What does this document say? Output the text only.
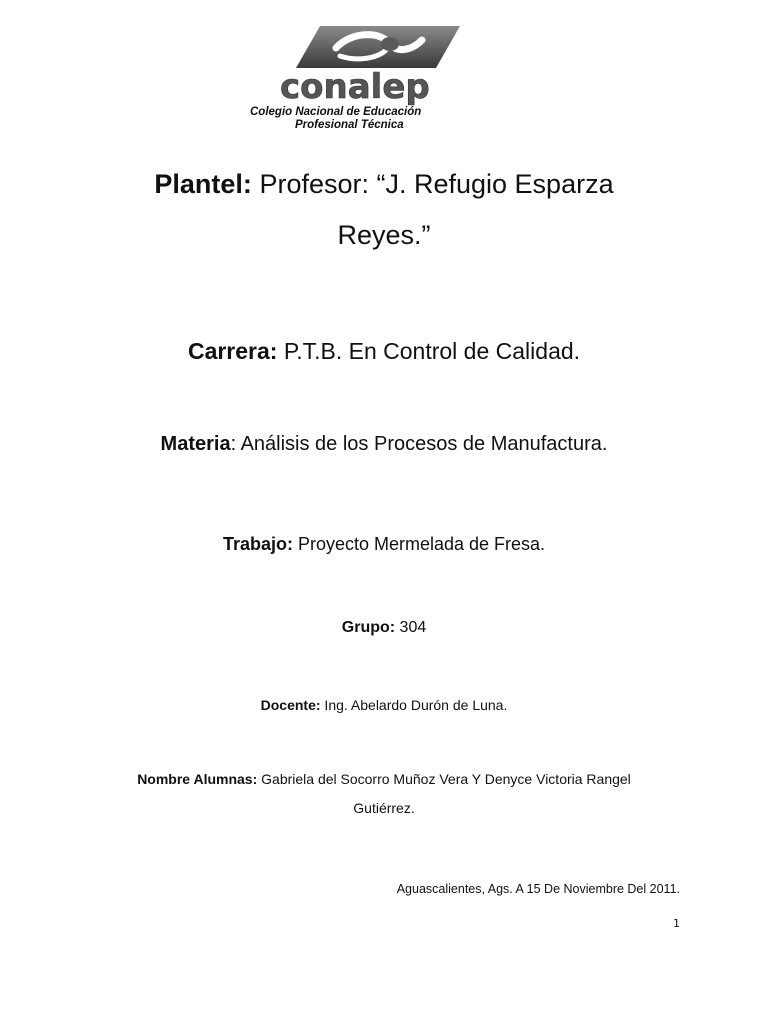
conalep
Colegio Nacional de Educación
Profesional Técnica
Plantel: Profesor: “J. Refugio Esparza
Reyes.”
Carrera: P.T.B. En Control de Calidad.
Materia: Análisis de los Procesos de Manufactura.
Trabajo: Proyecto Mermelada de Fresa.
Grupo: 304
Docente: Ing. Abelardo Durón de Luna.
Nombre Alumnas: Gabriela del Socorro Muñoz Vera Y Denyce Victoria Rangel
Gutiérrez.
Aguascalientes, Ags. A 15 De Noviembre Del 2011.
1
